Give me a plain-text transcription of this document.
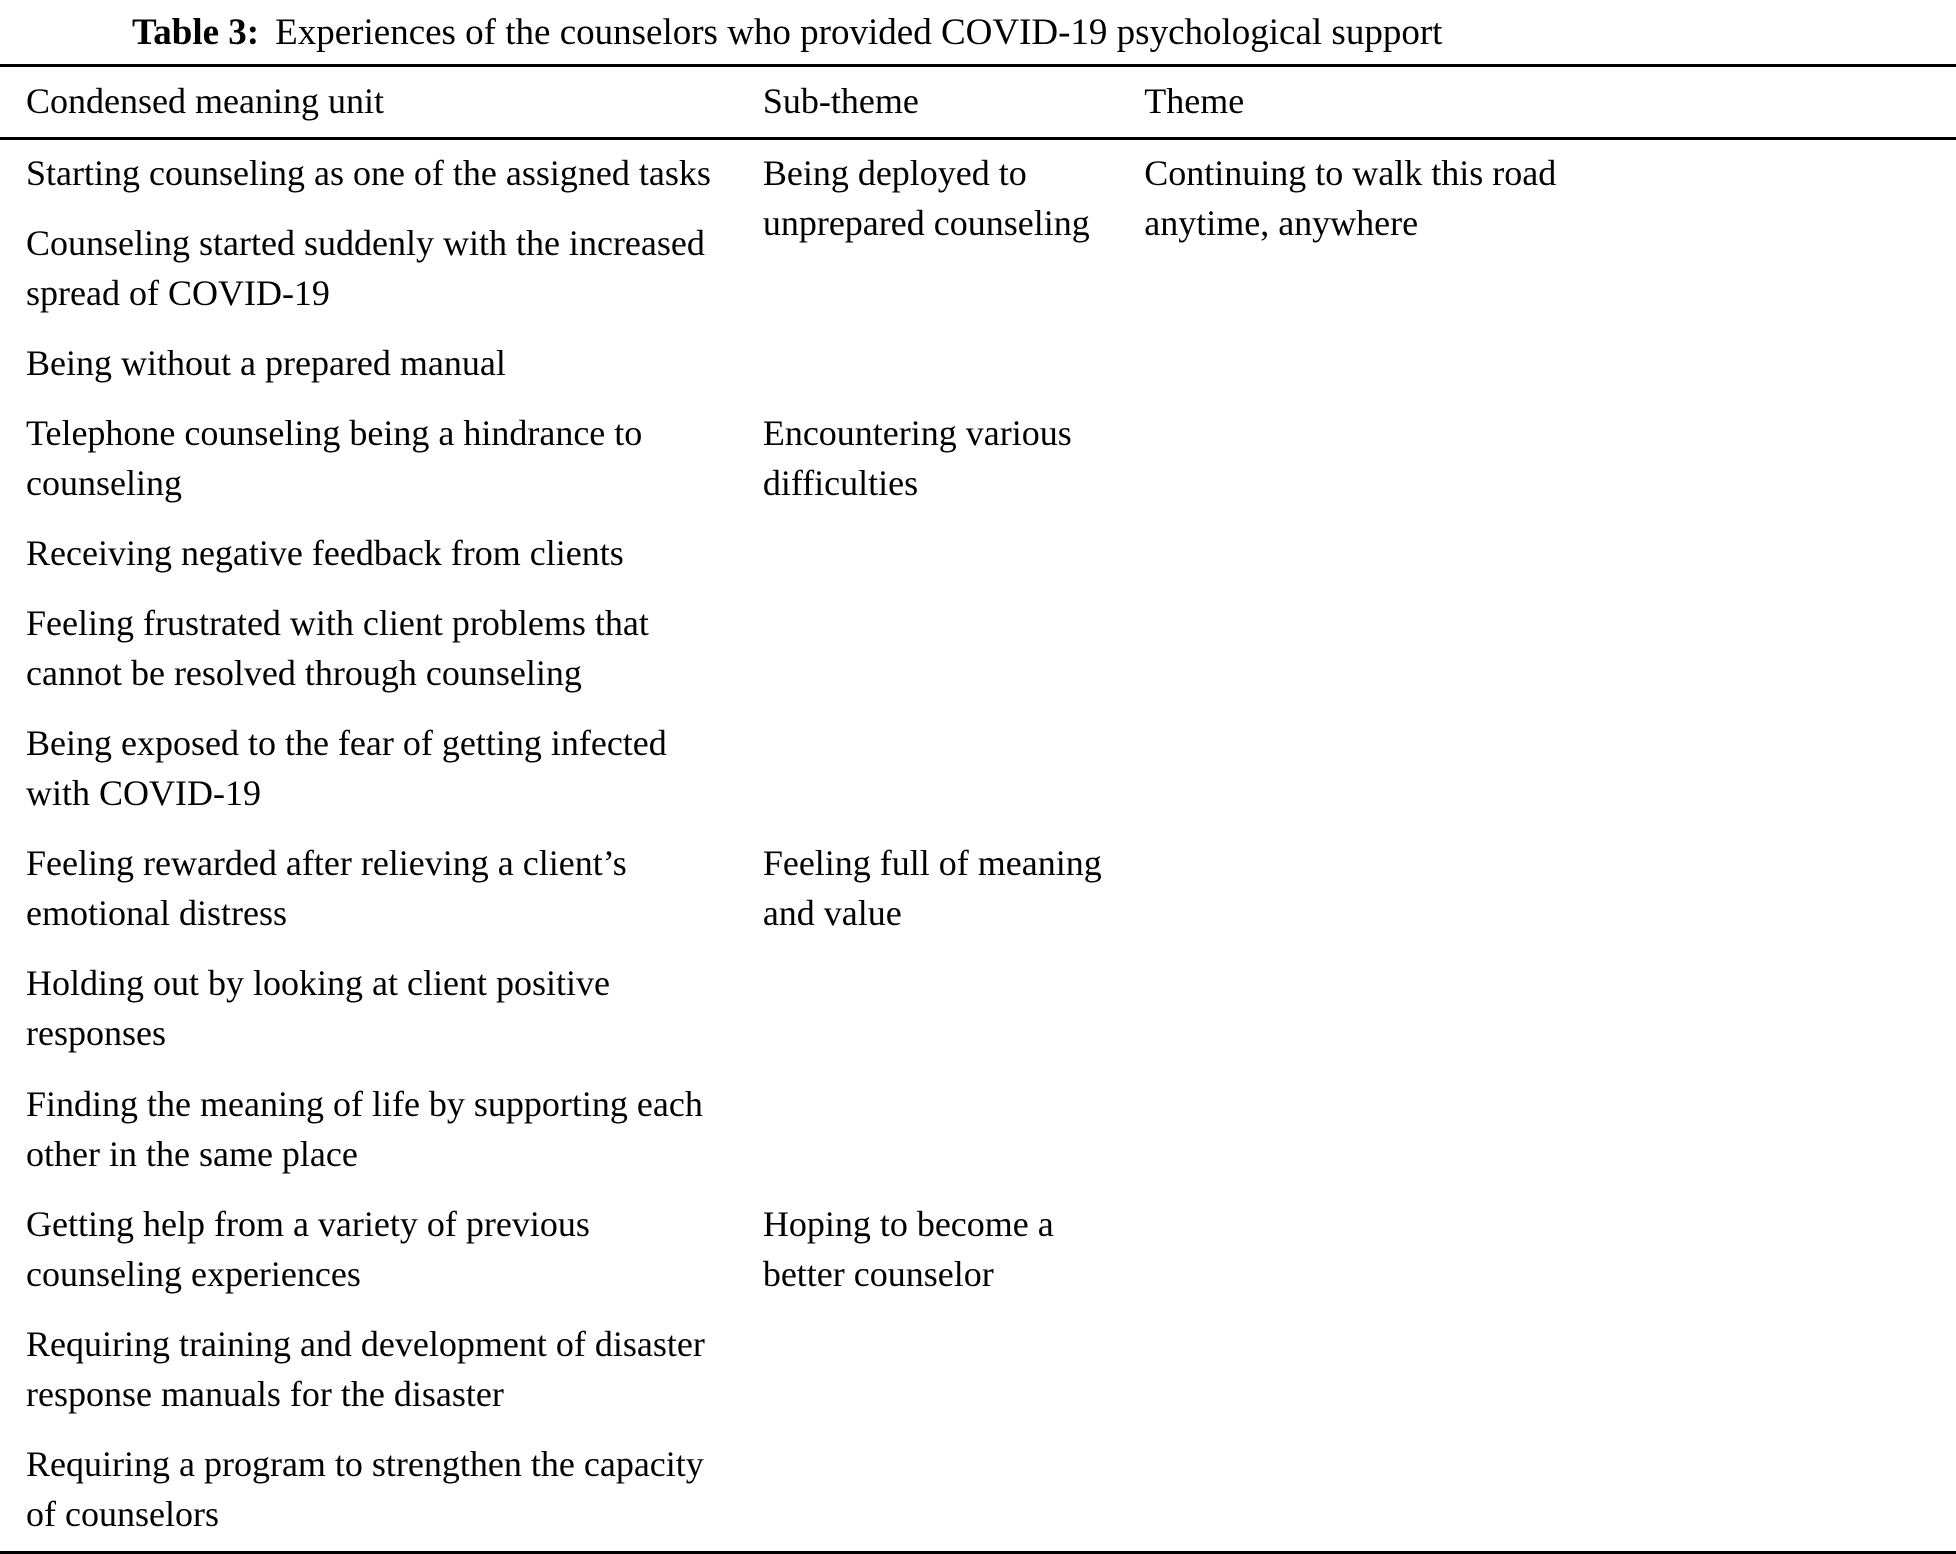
Table 3: Experiences of the counselors who provided COVID-19 psychological support
Condensed meaning unit	Sub-theme	Theme
Starting counseling as one of the assigned tasks	Being deployed to unprepared counseling	Continuing to walk this road anytime, anywhere
Counseling started suddenly with the increased spread of COVID-19		
Being without a prepared manual		
Telephone counseling being a hindrance to counseling	Encountering various difficulties	
Receiving negative feedback from clients		
Feeling frustrated with client problems that cannot be resolved through counseling		
Being exposed to the fear of getting infected with COVID-19		
Feeling rewarded after relieving a client’s emotional distress	Feeling full of meaning and value	
Holding out by looking at client positive responses		
Finding the meaning of life by supporting each other in the same place		
Getting help from a variety of previous counseling experiences	Hoping to become a better counselor	
Requiring training and development of disaster response manuals for the disaster		
Requiring a program to strengthen the capacity of counselors		
